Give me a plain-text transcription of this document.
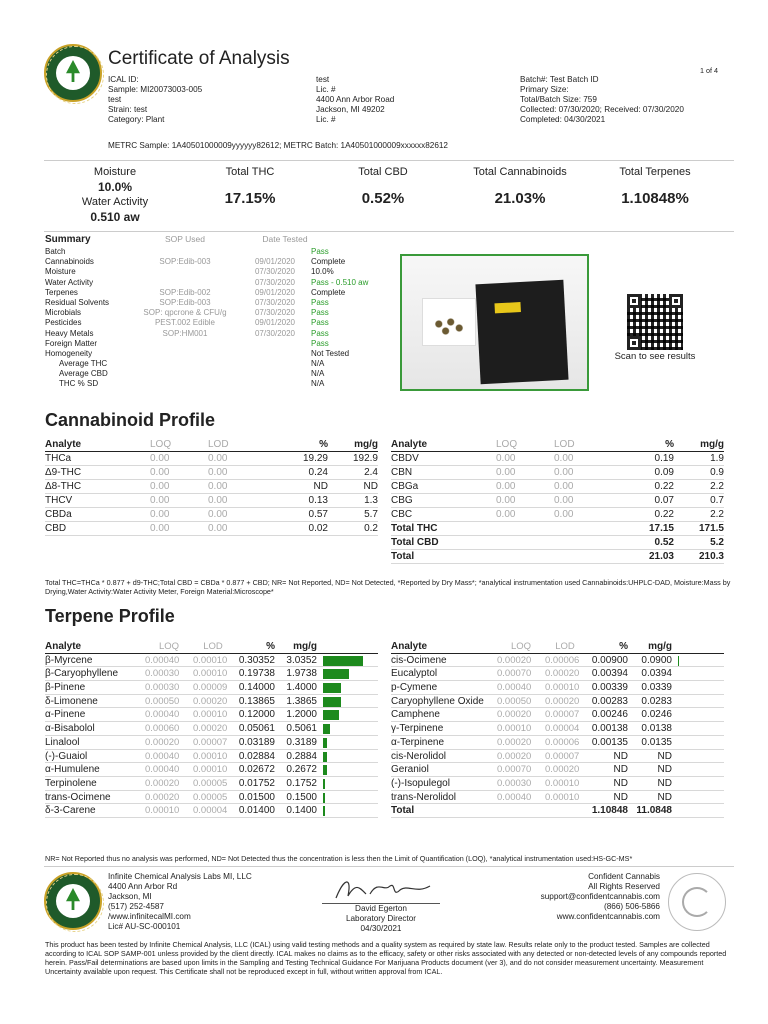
Certificate of Analysis
1 of 4
ICAL ID:
Sample: MI20073003-005
test
Strain: test
Category: Plant
test
Lic. #
4400 Ann Arbor Road
Jackson, MI 49202
Lic. #
Batch#: Test Batch ID
Primary Size:
Total/Batch Size: 759
Collected: 07/30/2020; Received: 07/30/2020
Completed: 04/30/2021
METRC Sample: 1A40501000009yyyyyy82612; METRC Batch: 1A40501000009xxxxxx82612
Moisture
10.0%
Water Activity
0.510 aw
Total THC
17.15%
Total CBD
0.52%
Total Cannabinoids
21.03%
Total Terpenes
1.10848%
Summary	SOP Used	Date Tested
Batch	Pass
Cannabinoids	SOP:Edib-003	09/01/2020	Complete
Moisture	07/30/2020	10.0%
Water Activity	07/30/2020	Pass - 0.510 aw
Terpenes	SOP:Edib-002	09/01/2020	Complete
Residual Solvents	SOP:Edib-003	07/30/2020	Pass
Microbials	SOP: qpcrone & CFU/g	07/30/2020	Pass
Pesticides	PEST.002 Edible	09/01/2020	Pass
Heavy Metals	SOP:HM001	07/30/2020	Pass
Foreign Matter	Pass
Homogeneity	Not Tested
Average THC	N/A
Average CBD	N/A
THC % SD	N/A
Scan to see results
Cannabinoid Profile
Analyte	LOQ	LOD	%	mg/g
THCa	0.00	0.00	19.29	192.9
Δ9-THC	0.00	0.00	0.24	2.4
Δ8-THC	0.00	0.00	ND	ND
THCV	0.00	0.00	0.13	1.3
CBDa	0.00	0.00	0.57	5.7
CBD	0.00	0.00	0.02	0.2
Analyte	LOQ	LOD	%	mg/g
CBDV	0.00	0.00	0.19	1.9
CBN	0.00	0.00	0.09	0.9
CBGa	0.00	0.00	0.22	2.2
CBG	0.00	0.00	0.07	0.7
CBC	0.00	0.00	0.22	2.2
Total THC	17.15	171.5
Total CBD	0.52	5.2
Total	21.03	210.3
Total THC=THCa * 0.877 + d9-THC;Total CBD = CBDa * 0.877 + CBD; NR= Not Reported, ND= Not Detected, *Reported by Dry Mass*; *analytical instrumentation used Cannabinoids:UHPLC-DAD, Moisture:Mass by Drying,Water Activity:Water Activity Meter, Foreign Material:Microscope*
Terpene Profile
Analyte	LOQ	LOD	%	mg/g
β-Myrcene	0.00040	0.00010	0.30352	3.0352
β-Caryophyllene	0.00030	0.00010	0.19738	1.9738
β-Pinene	0.00030	0.00009	0.14000	1.4000
δ-Limonene	0.00050	0.00020	0.13865	1.3865
α-Pinene	0.00040	0.00010	0.12000	1.2000
α-Bisabolol	0.00060	0.00020	0.05061	0.5061
Linalool	0.00020	0.00007	0.03189	0.3189
(-)-Guaiol	0.00040	0.00010	0.02884	0.2884
α-Humulene	0.00040	0.00010	0.02672	0.2672
Terpinolene	0.00020	0.00005	0.01752	0.1752
trans-Ocimene	0.00020	0.00005	0.01500	0.1500
δ-3-Carene	0.00010	0.00004	0.01400	0.1400
Analyte	LOQ	LOD	%	mg/g
cis-Ocimene	0.00020	0.00006	0.00900	0.0900
Eucalyptol	0.00070	0.00020	0.00394	0.0394
p-Cymene	0.00040	0.00010	0.00339	0.0339
Caryophyllene Oxide	0.00050	0.00020	0.00283	0.0283
Camphene	0.00020	0.00007	0.00246	0.0246
γ-Terpinene	0.00010	0.00004	0.00138	0.0138
α-Terpinene	0.00020	0.00006	0.00135	0.0135
cis-Nerolidol	0.00020	0.00007	ND	ND
Geraniol	0.00070	0.00020	ND	ND
(-)-Isopulegol	0.00030	0.00010	ND	ND
trans-Nerolidol	0.00040	0.00010	ND	ND
Total	1.10848 11.0848
NR= Not Reported thus no analysis was performed, ND= Not Detected thus the concentration is less then the Limit of Quantification (LOQ), *analytical instrumentation used:HS-GC-MS*
Infinite Chemical Analysis Labs MI, LLC
4400 Ann Arbor Rd
Jackson, MI
(517) 252-4587
/www.infinitecalMI.com
Lic# AU-SC-000101
David Egerton
Laboratory Director
04/30/2021
Confident Cannabis
All Rights Reserved
support@confidentcannabis.com
(866) 506-5866
www.confidentcannabis.com
This product has been tested by Infinite Chemical Analysis, LLC (ICAL) using valid testing methods and a quality system as required by state law. Results relate only to the product tested. Samples are collected according to ICAL SOP SAMP-001 unless provided by the client directly. ICAL makes no claims as to the efficacy, safety or other risks associated with any detected or non-detected levels of any compounds reported herein. Pass/Fail determinations are based upon limits in the Sampling and Testing Technical Guidance For Marijuana Products document (ver 3), and do not consider measurement uncertainty. Measurement Uncertainty available upon request. This Certificate shall not be reproduced except in full, without written approval from ICAL.
